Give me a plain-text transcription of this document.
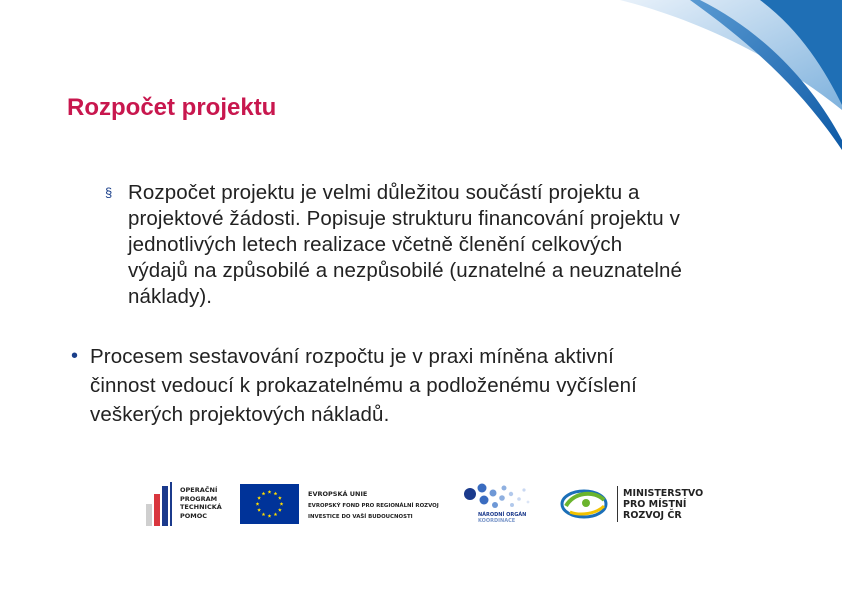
Rozpočet projektu
§ Rozpočet projektu je velmi důležitou součástí projektu a
projektové žádosti. Popisuje strukturu financování projektu v
jednotlivých letech realizace včetně členění celkových
výdajů na způsobilé a nezpůsobilé (uznatelné a neuznatelné
náklady).
• Procesem sestavování rozpočtu je v praxi míněna aktivní
činnost vedoucí k prokazatelnému a podloženému vyčíslení
veškerých projektových nákladů.
OPERAČNÍ
PROGRAM
TECHNICKÁ
POMOC
EVROPSKÁ UNIE
EVROPSKÝ FOND PRO REGIONÁLNÍ ROZVOJ
INVESTICE DO VAŠÍ BUDOUCNOSTI	NÁRODNÍ ORGÁN
KOORDINACE
MINISTERSTVO
PRO MÍSTNÍ
ROZVOJ ČR
